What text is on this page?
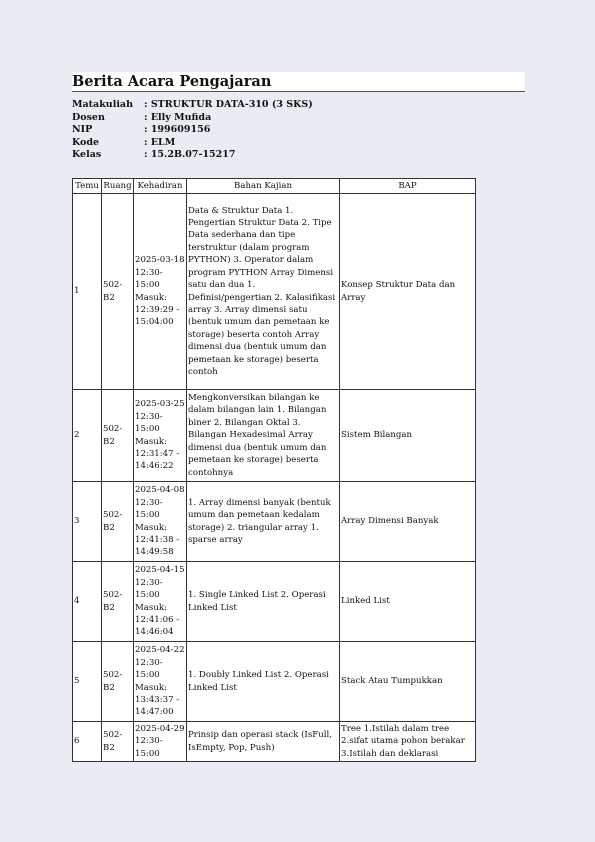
Berita Acara Pengajaran
Matakuliah	: STRUKTUR DATA-310 (3 SKS)
Dosen	: Elly Mufida
NIP	: 199609156
Kode	: ELM
Kelas	: 15.2B.07-15217
Temu	Ruang	Kehadiran	Bahan Kajian	BAP
1	502-B2	2025-03-18 12:30-15:00 Masuk: 12:39:29 - 15:04:00	Data & Struktur Data 1. Pengertian Struktur Data 2. Tipe Data sederhana dan tipe terstruktur (dalam program PYTHON) 3. Operator dalam program PYTHON Array Dimensi satu dan dua 1. Definisi/pengertian 2. Kalasifikasi array 3. Array dimensi satu (bentuk umum dan pemetaan ke storage) beserta contoh Array dimensi dua (bentuk umum dan pemetaan ke storage) beserta contoh	Konsep Struktur Data dan Array
2	502-B2	2025-03-25 12:30-15:00 Masuk: 12:31:47 - 14:46:22	Mengkonversikan bilangan ke dalam bilangan lain 1. Bilangan biner 2. Bilangan Oktal 3. Bilangan Hexadesimal Array dimensi dua (bentuk umum dan pemetaan ke storage) beserta contohnya	Sistem Bilangan
3	502-B2	2025-04-08 12:30-15:00 Masuk: 12:41:38 - 14:49:58	1. Array dimensi banyak (bentuk umum dan pemetaan kedalam storage) 2. triangular array 1. sparse array	Array Dimensi Banyak
4	502-B2	2025-04-15 12:30-15:00 Masuk: 12:41:06 - 14:46:04	1. Single Linked List 2. Operasi Linked List	Linked List
5	502-B2	2025-04-22 12:30-15:00 Masuk: 13:43:37 - 14:47:00	1. Doubly Linked List 2. Operasi Linked List	Stack Atau Tumpukkan
6	502-B2	2025-04-29 12:30-15:00	Prinsip dan operasi stack (IsFull, IsEmpty, Pop, Push)	Tree 1.Istilah dalam tree 2.sifat utama pohon berakar 3.Istilah dan deklarasi
